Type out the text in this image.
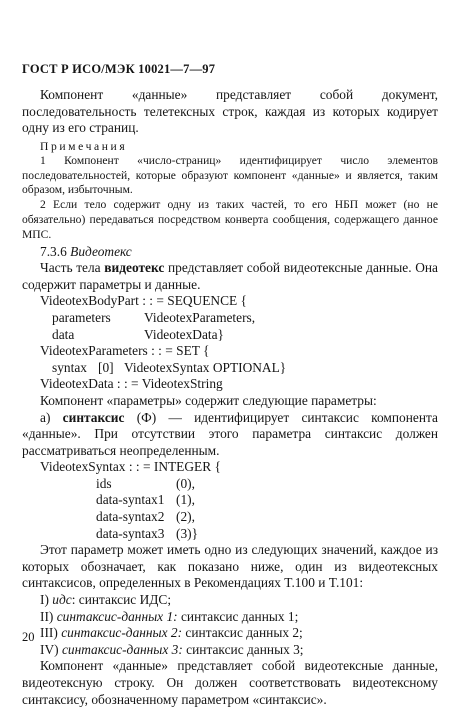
ГОСТ Р ИСО/МЭК 10021—7—97

Компонент «данные» представляет собой документ, последовательность телетексных строк, каждая из которых кодирует одну из его страниц.

Примечания

1 Компонент «число-страниц» идентифицирует число элементов последовательностей, которые образуют компонент «данные» и является, таким образом, избыточным.

2 Если тело содержит одну из таких частей, то его НБП может (но не обязательно) передаваться посредством конверта сообщения, содержащего данное МПС.

7.3.6 Видеотекс

Часть тела видеотекс представляет собой видеотексные данные. Она содержит параметры и данные.

VideotexBodyPart : : = SEQUENCE {
parameters VideotexParameters,
data	VideotexData}
VideotexParameters : : = SET {
syntax [0] VideotexSyntax OPTIONAL}
VideotexData : : = VideotexString

Компонент «параметры» содержит следующие параметры:

а) синтаксис (Ф) — идентифицирует синтаксис компонента «данные». При отсутствии этого параметра синтаксис должен рассматриваться неопределенным.

VideotexSyntax : : = INTEGER {
ids	(0),
data-syntax1 (1),
data-syntax2 (2),
data-syntax3 (3)}

Этот параметр может иметь одно из следующих значений, каждое из которых обозначает, как показано ниже, один из видеотексных синтаксисов, определенных в Рекомендациях T.100 и T.101:

I) идс: синтаксис ИДС;

II) синтаксис-данных 1: синтаксис данных 1;

III) синтаксис-данных 2: синтаксис данных 2;

IV) синтаксис-данных 3: синтаксис данных 3;

Компонент «данные» представляет собой видеотексные данные, видеотексную строку. Он должен соответствовать видеотексному синтаксису, обозначенному параметром «синтаксис».

20
